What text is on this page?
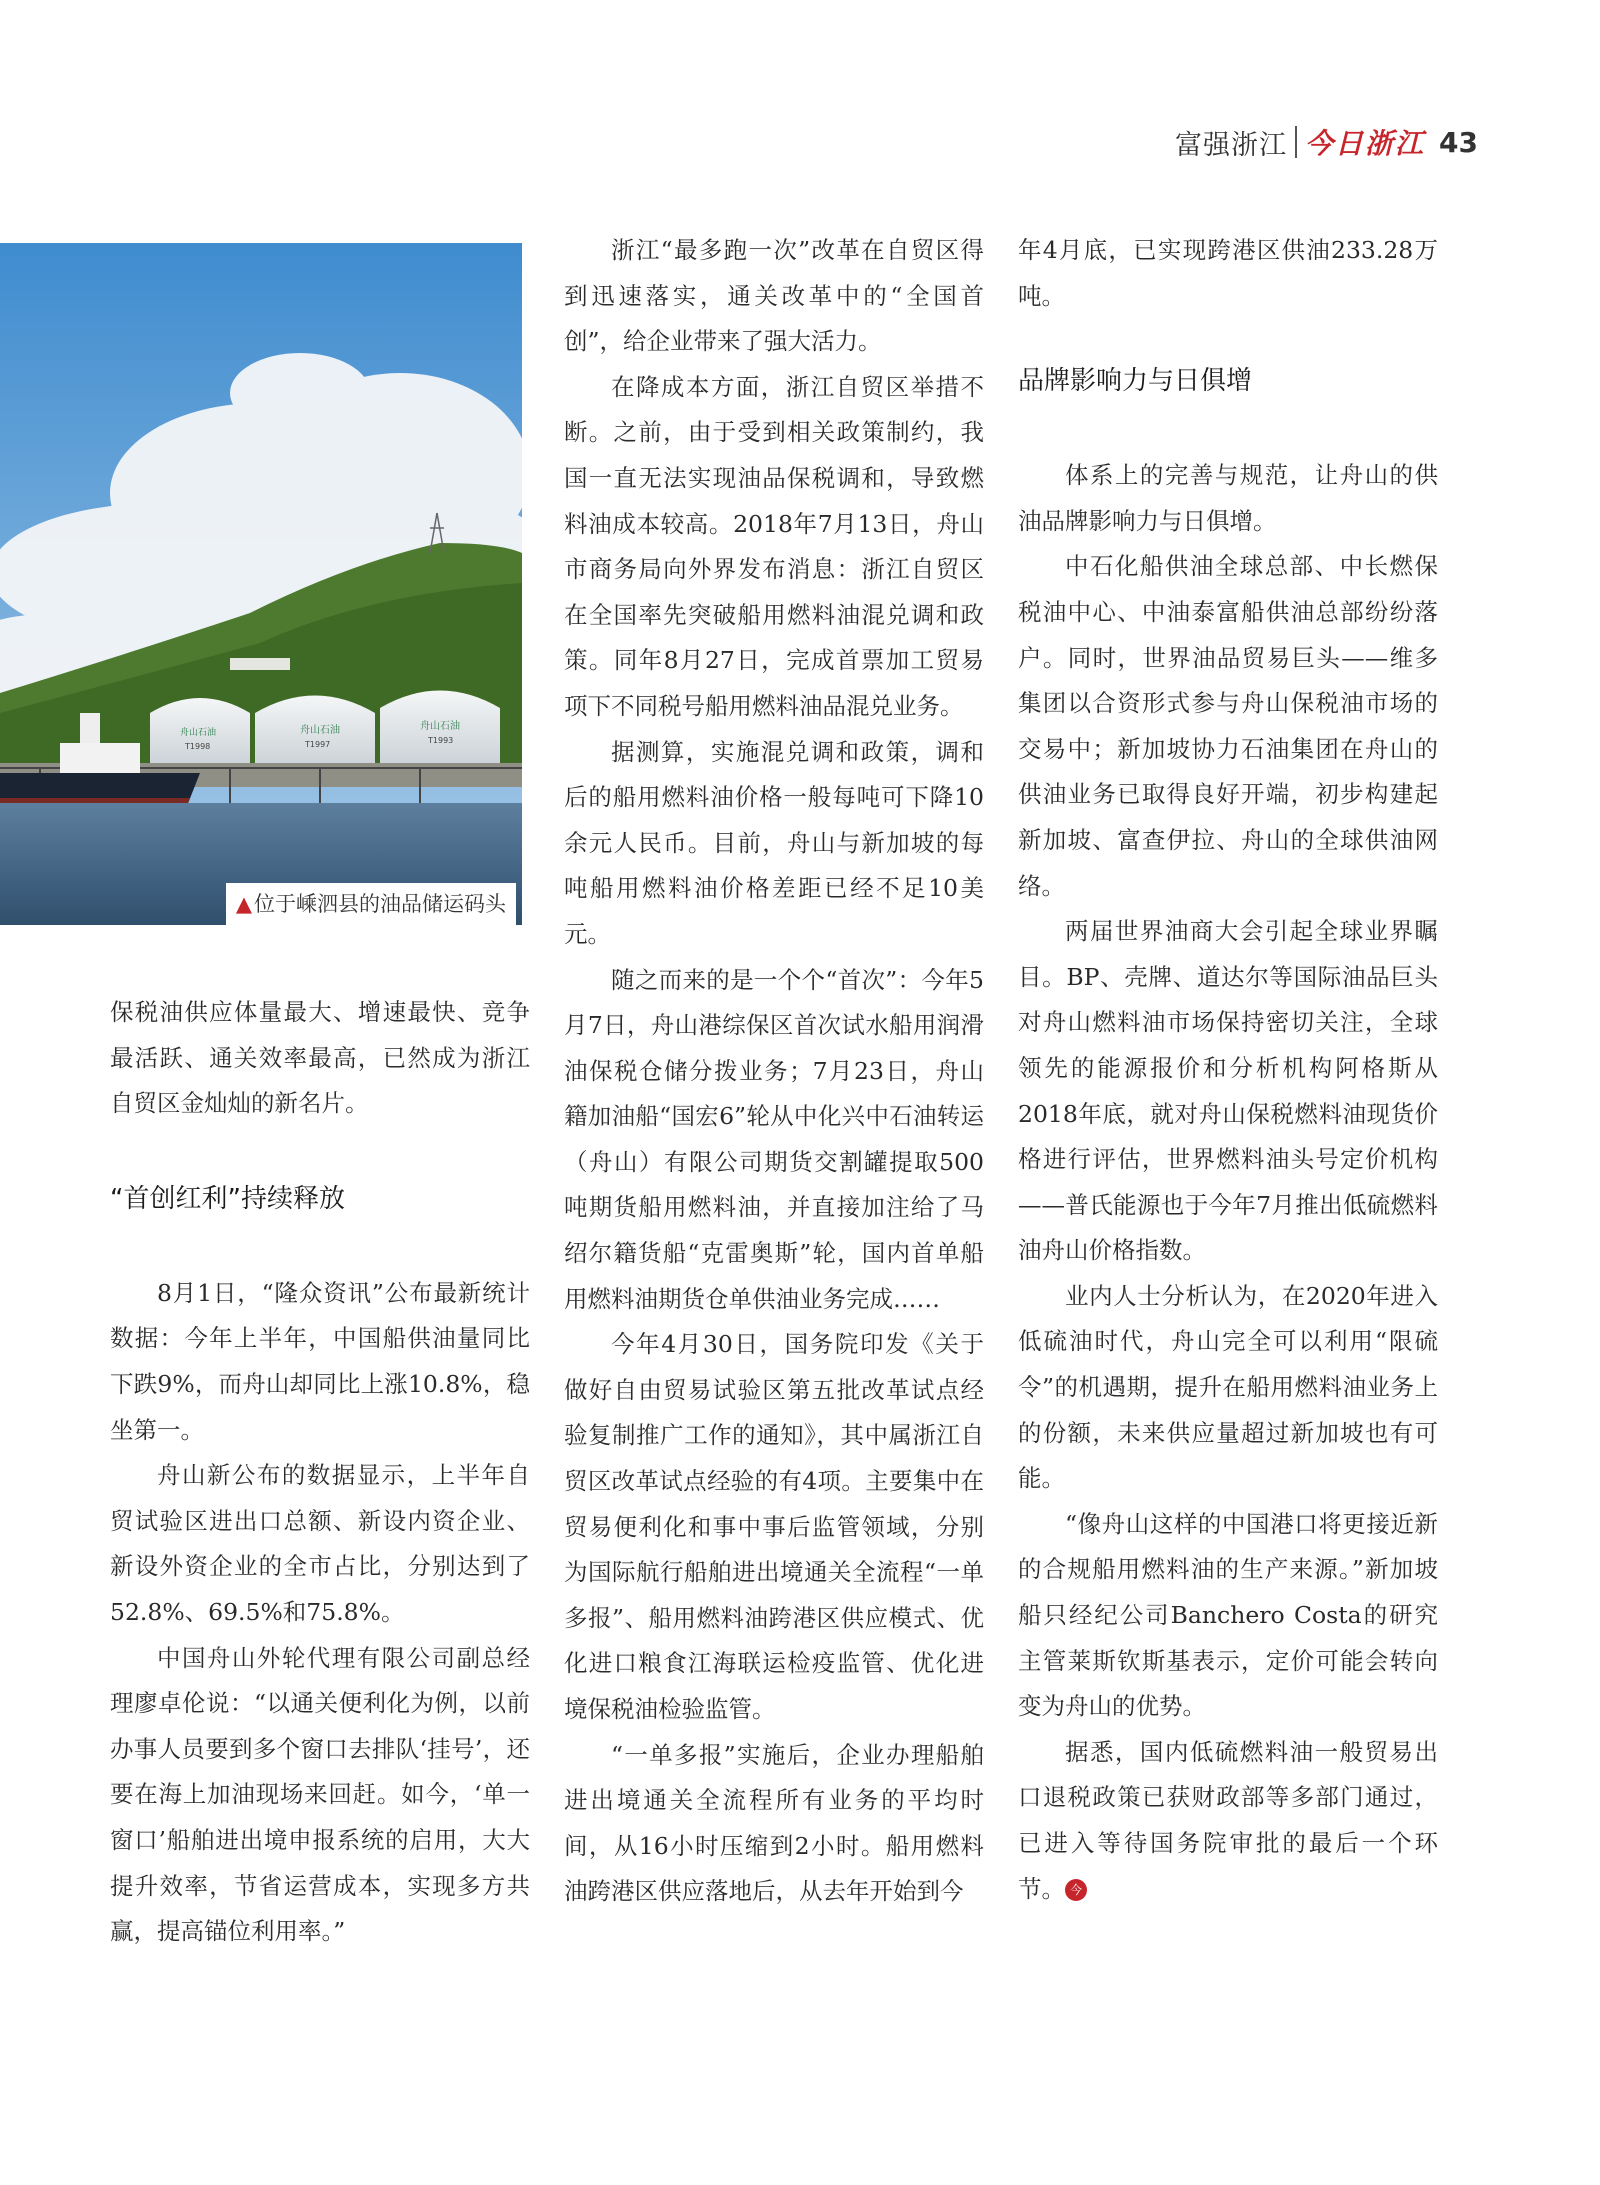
富强浙江 今日浙江 43
舟山石油	舟山石油	舟山石油
T1998	T1997	T1993
▲位于嵊泗县的油品储运码头

保税油供应体量最大、增速最快、竞争最活跃、通关效率最高，已然成为浙江自贸区金灿灿的新名片。

“首创红利”持续释放

8月1日，“隆众资讯”公布最新统计数据：今年上半年，中国船供油量同比下跌9%，而舟山却同比上涨10.8%，稳坐第一。

舟山新公布的数据显示，上半年自贸试验区进出口总额、新设内资企业、新设外资企业的全市占比，分别达到了52.8%、69.5%和75.8%。

中国舟山外轮代理有限公司副总经理廖卓伦说：“以通关便利化为例，以前办事人员要到多个窗口去排队‘挂号’，还要在海上加油现场来回赶。如今，‘单一窗口’船舶进出境申报系统的启用，大大提升效率，节省运营成本，实现多方共赢，提高锚位利用率。”

浙江“最多跑一次”改革在自贸区得到迅速落实，通关改革中的“全国首创”，给企业带来了强大活力。

在降成本方面，浙江自贸区举措不断。之前，由于受到相关政策制约，我国一直无法实现油品保税调和，导致燃料油成本较高。2018年7月13日，舟山市商务局向外界发布消息：浙江自贸区在全国率先突破船用燃料油混兑调和政策。同年8月27日，完成首票加工贸易项下不同税号船用燃料油品混兑业务。

据测算，实施混兑调和政策，调和后的船用燃料油价格一般每吨可下降10余元人民币。目前，舟山与新加坡的每吨船用燃料油价格差距已经不足10美元。

随之而来的是一个个“首次”：今年5月7日，舟山港综保区首次试水船用润滑油保税仓储分拨业务；7月23日，舟山籍加油船“国宏6”轮从中化兴中石油转运（舟山）有限公司期货交割罐提取500吨期货船用燃料油，并直接加注给了马绍尔籍货船“克雷奥斯”轮，国内首单船用燃料油期货仓单供油业务完成……

今年4月30日，国务院印发《关于做好自由贸易试验区第五批改革试点经验复制推广工作的通知》，其中属浙江自贸区改革试点经验的有4项。主要集中在贸易便利化和事中事后监管领域，分别为国际航行船舶进出境通关全流程“一单多报”、船用燃料油跨港区供应模式、优化进口粮食江海联运检疫监管、优化进境保税油检验监管。

“一单多报”实施后，企业办理船舶进出境通关全流程所有业务的平均时间，从16小时压缩到2小时。船用燃料油跨港区供应落地后，从去年开始到今

年4月底，已实现跨港区供油233.28万吨。

品牌影响力与日俱增

体系上的完善与规范，让舟山的供油品牌影响力与日俱增。

中石化船供油全球总部、中长燃保税油中心、中油泰富船供油总部纷纷落户。同时，世界油品贸易巨头——维多集团以合资形式参与舟山保税油市场的交易中；新加坡协力石油集团在舟山的供油业务已取得良好开端，初步构建起新加坡、富查伊拉、舟山的全球供油网络。

两届世界油商大会引起全球业界瞩目。BP、壳牌、道达尔等国际油品巨头对舟山燃料油市场保持密切关注，全球领先的能源报价和分析机构阿格斯从2018年底，就对舟山保税燃料油现货价格进行评估，世界燃料油头号定价机构——普氏能源也于今年7月推出低硫燃料油舟山价格指数。

业内人士分析认为，在2020年进入低硫油时代，舟山完全可以利用“限硫令”的机遇期，提升在船用燃料油业务上的份额，未来供应量超过新加坡也有可能。

“像舟山这样的中国港口将更接近新的合规船用燃料油的生产来源。”新加坡船只经纪公司Banchero Costa的研究主管莱斯钦斯基表示，定价可能会转向变为舟山的优势。

据悉，国内低硫燃料油一般贸易出口退税政策已获财政部等多部门通过，已进入等待国务院审批的最后一个环节。 今
